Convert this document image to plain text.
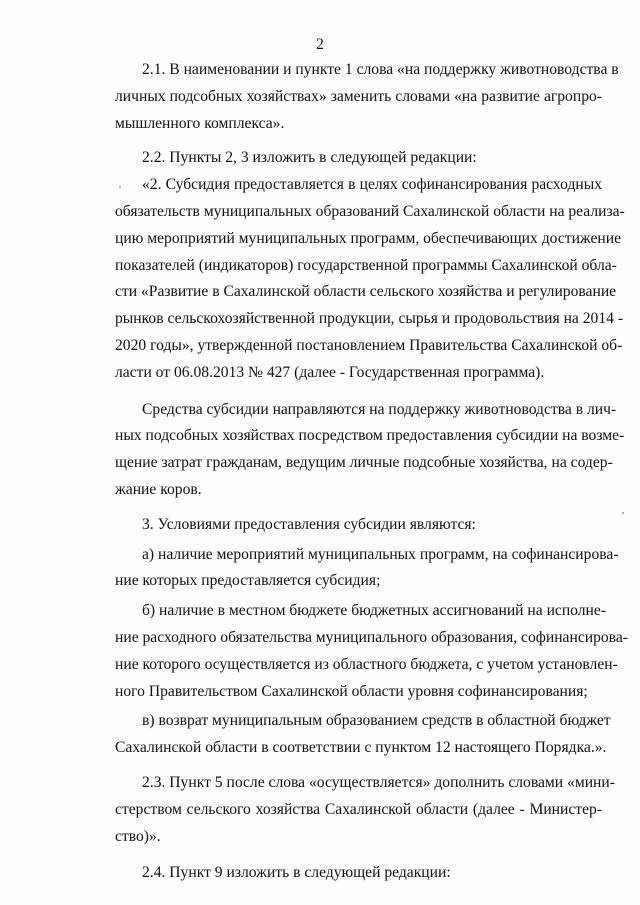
2
2.1. В наименовании и пункте 1 слова «на поддержку животноводства в
личных подсобных хозяйствах» заменить словами «на развитие агропро-
мышленного комплекса».
2.2. Пункты 2, 3 изложить в следующей редакции:
«2. Субсидия предоставляется в целях софинансирования расходных
обязательств муниципальных образований Сахалинской области на реализа-
цию мероприятий муниципальных программ, обеспечивающих достижение
показателей (индикаторов) государственной программы Сахалинской обла-
сти «Развитие в Сахалинской области сельского хозяйства и регулирование
рынков сельскохозяйственной продукции, сырья и продовольствия на 2014 -
2020 годы», утвержденной постановлением Правительства Сахалинской об-
ласти от 06.08.2013 № 427 (далее - Государственная программа).
Средства субсидии направляются на поддержку животноводства в лич-
ных подсобных хозяйствах посредством предоставления субсидии на возме-
щение затрат гражданам, ведущим личные подсобные хозяйства, на содер-
жание коров.
3. Условиями предоставления субсидии являются:
а) наличие мероприятий муниципальных программ, на софинансирова-
ние которых предоставляется субсидия;
б) наличие в местном бюджете бюджетных ассигнований на исполне-
ние расходного обязательства муниципального образования, софинансирова-
ние которого осуществляется из областного бюджета, с учетом установлен-
ного Правительством Сахалинской области уровня софинансирования;
в) возврат муниципальным образованием средств в областной бюджет
Сахалинской области в соответствии с пунктом 12 настоящего Порядка.».
2.3. Пункт 5 после слова «осуществляется» дополнить словами «мини-
стерством сельского хозяйства Сахалинской области (далее - Министер-
ство)».
2.4. Пункт 9 изложить в следующей редакции:
